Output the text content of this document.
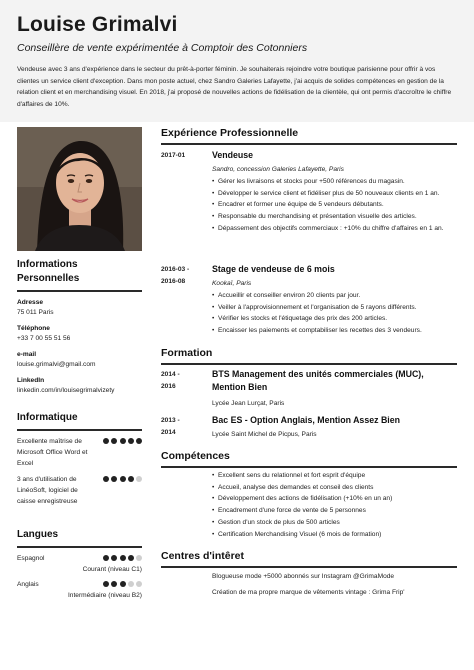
Louise Grimalvi
Conseillère de vente expérimentée à Comptoir des Cotonniers
Vendeuse avec 3 ans d'expérience dans le secteur du prêt-à-porter féminin. Je souhaiterais rejoindre votre boutique parisienne pour offrir à vos clientes un service client d'exception. Dans mon poste actuel, chez Sandro Galeries Lafayette, j'ai acquis de solides compétences en gestion de la relation client et en merchandising visuel. En 2018, j'ai proposé de nouvelles actions de fidélisation de la clientèle, qui ont permis d'accroître le chiffre d'affaires de 10%.
Informations Personnelles
Adresse
75 011 Paris
Téléphone
+33 7 00 55 51 56
e-mail
louise.grimalvi@gmail.com
LinkedIn
linkedin.com/in/louisegrimalvizety
Informatique
Excellente maîtrise de Microsoft Office Word et Excel
3 ans d'utilisation de LinéoSoft, logiciel de caisse enregistreuse
Langues
Espagnol
Courant (niveau C1)
Anglais
Intermédiaire (niveau B2)
Expérience Professionnelle
2017-01	Vendeuse
Sandro, concession Galeries Lafayette, Paris
• Gérer les livraisons et stocks pour +500 références du magasin.
• Développer le service client et fidéliser plus de 50 nouveaux clients en 1 an.
• Encadrer et former une équipe de 5 vendeurs débutants.
• Responsable du merchandising et présentation visuelle des articles.
• Dépassement des objectifs commerciaux : +10% du chiffre d'affaires en 1 an.
2016-03 -
2016-08
Stage de vendeuse de 6 mois
Kookaï, Paris
• Accueillir et conseiller environ 20 clients par jour.
• Veiller à l'approvisionnement et l'organisation de 5 rayons différents.
• Vérifier les stocks et l'étiquetage des prix des 200 articles.
• Encaisser les paiements et comptabiliser les recettes des 3 vendeurs.
Formation
2014 -
2016
BTS Management des unités commerciales (MUC),
Mention Bien
Lycée Jean Lurçat, Paris
2013 -
2014
Bac ES - Option Anglais, Mention Assez Bien
Lycée Saint Michel de Picpus, Paris
Compétences
• Excellent sens du relationnel et fort esprit d'équipe
• Accueil, analyse des demandes et conseil des clients
• Développement des actions de fidélisation (+10% en un an)
• Encadrement d'une force de vente de 5 personnes
• Gestion d'un stock de plus de 500 articles
• Certification Merchandising Visuel (6 mois de formation)
Centres d'intêret
Blogueuse mode +5000 abonnés sur Instagram @GrimaMode
Création de ma propre marque de vêtements vintage : Grima Frip'
